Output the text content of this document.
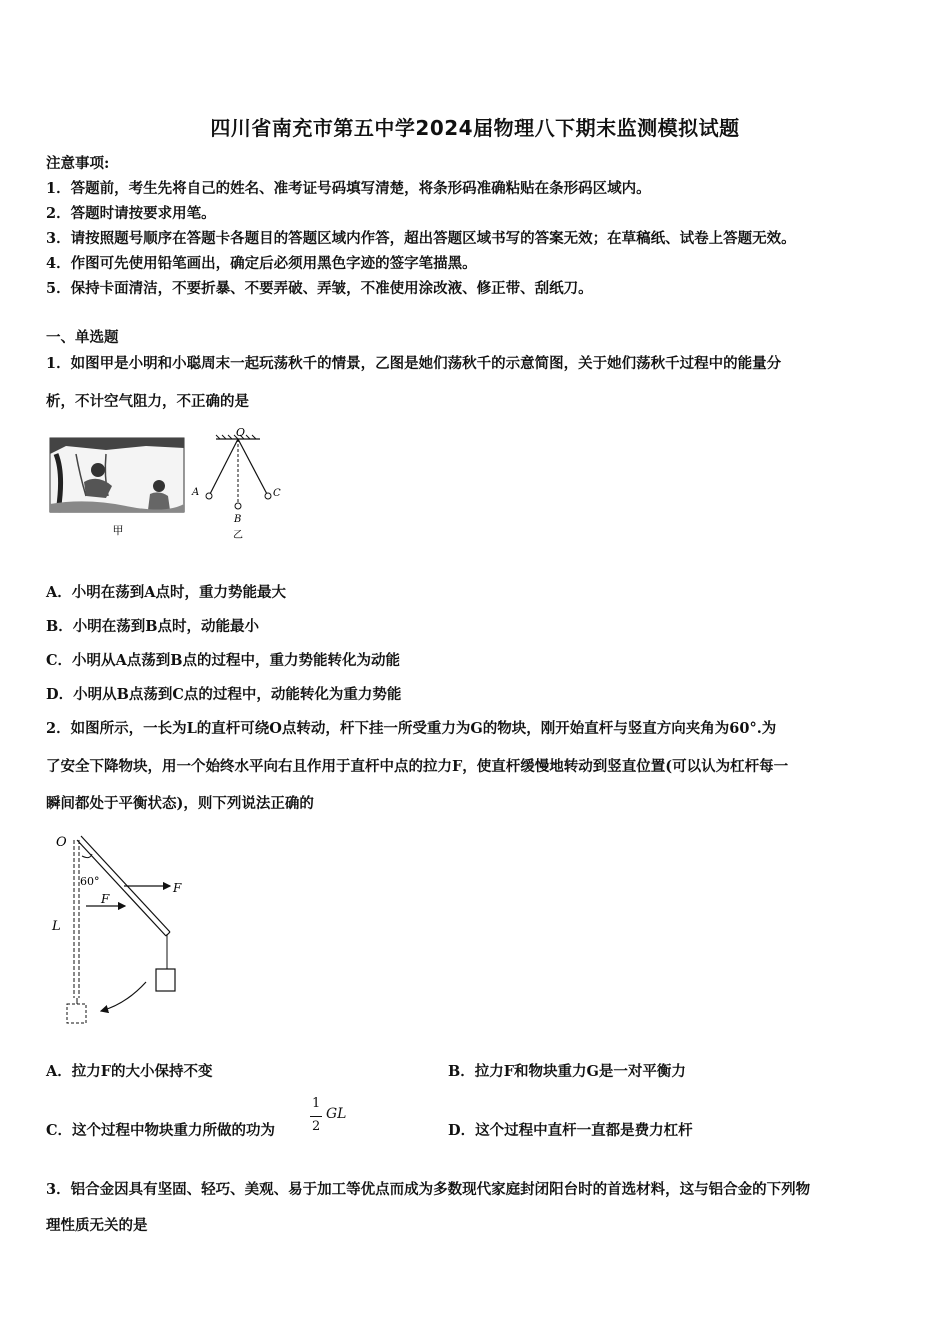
四川省南充市第五中学2024届物理八下期末监测模拟试题
注意事项:
1．答题前，考生先将自己的姓名、准考证号码填写清楚，将条形码准确粘贴在条形码区域内。
2．答题时请按要求用笔。
3．请按照题号顺序在答题卡各题目的答题区域内作答，超出答题区域书写的答案无效；在草稿纸、试卷上答题无效。
4．作图可先使用铅笔画出，确定后必须用黑色字迹的签字笔描黑。
5．保持卡面清洁，不要折暴、不要弄破、弄皱，不准使用涂改液、修正带、刮纸刀。
一、单选题
1．如图甲是小明和小聪周末一起玩荡秋千的情景，乙图是她们荡秋千的示意简图，关于她们荡秋千过程中的能量分
析，不计空气阻力，不正确的是
甲
O
A
B
C
乙
A．小明在荡到A点时，重力势能最大
B．小明在荡到B点时，动能最小
C．小明从A点荡到B点的过程中，重力势能转化为动能
D．小明从B点荡到C点的过程中，动能转化为重力势能
2．如图所示，一长为L的直杆可绕O点转动，杆下挂一所受重力为G的物块，刚开始直杆与竖直方向夹角为60°.为
了安全下降物块，用一个始终水平向右且作用于直杆中点的拉力F，使直杆缓慢地转动到竖直位置(可以认为杠杆每一
瞬间都处于平衡状态)，则下列说法正确的
O
60°	F
F
L
A．拉力F的大小保持不变	B．拉力F和物块重力G是一对平衡力
C．这个过程中物块重力所做的功为
1
2
GL
D．这个过程中直杆一直都是费力杠杆
3．铝合金因具有坚固、轻巧、美观、易于加工等优点而成为多数现代家庭封闭阳台时的首选材料，这与铝合金的下列物
理性质无关的是
